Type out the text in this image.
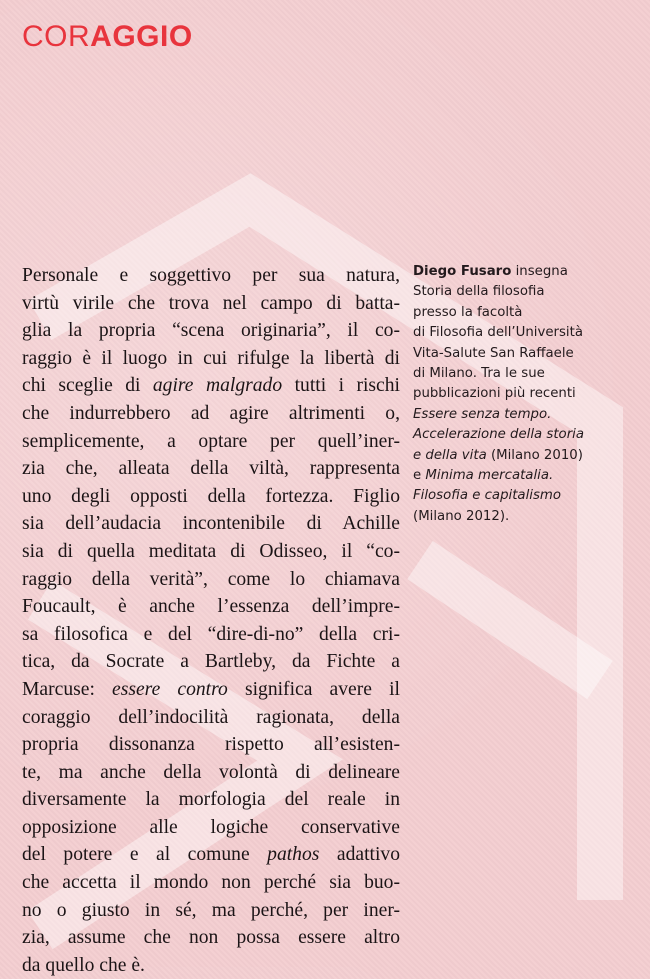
CORAGGIO

Personale e soggettivo per sua natura,
virtù virile che trova nel campo di batta-
glia la propria “scena originaria”, il co-
raggio è il luogo in cui rifulge la libertà di
chi sceglie di agire malgrado tutti i rischi
che indurrebbero ad agire altrimenti o,
semplicemente, a optare per quell’iner-
zia che, alleata della viltà, rappresenta
uno degli opposti della fortezza. Figlio
sia dell’audacia incontenibile di Achille
sia di quella meditata di Odisseo, il “co-
raggio della verità”, come lo chiamava
Foucault, è anche l’essenza dell’impre-
sa filosofica e del “dire-di-no” della cri-
tica, da Socrate a Bartleby, da Fichte a
Marcuse: essere contro significa avere il
coraggio dell’indocilità ragionata, della
propria dissonanza rispetto all’esisten-
te, ma anche della volontà di delineare
diversamente la morfologia del reale in
opposizione alle logiche conservative
del potere e al comune pathos adattivo
che accetta il mondo non perché sia buo-
no o giusto in sé, ma perché, per iner-
zia, assume che non possa essere altro
da quello che è.

Diego Fusaro insegna
Storia della filosofia
presso la facoltà
di Filosofia dell’Università
Vita-Salute San Raffaele
di Milano. Tra le sue
pubblicazioni più recenti
Essere senza tempo.
Accelerazione della storia
e della vita (Milano 2010)
e Minima mercatalia.
Filosofia e capitalismo
(Milano 2012).
